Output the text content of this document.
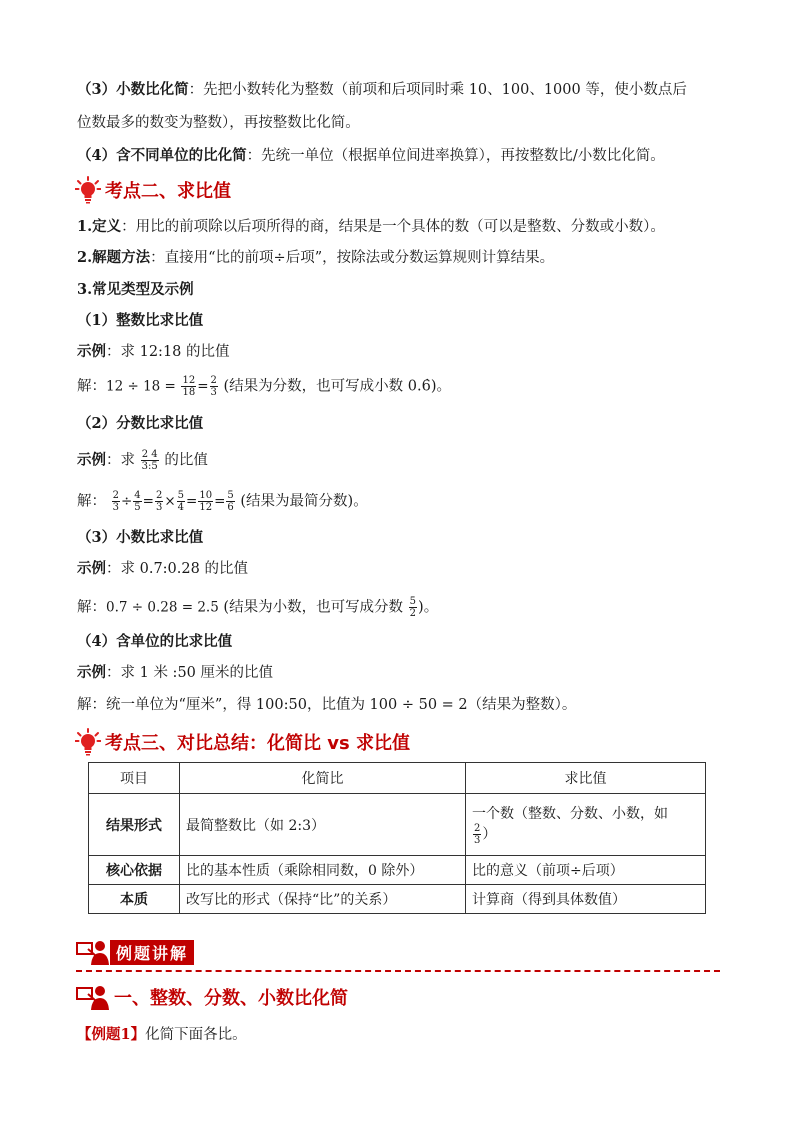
（3）小数比化简：先把小数转化为整数（前项和后项同时乘 10、100、1000 等，使小数点后
位数最多的数变为整数），再按整数比化简。
（4）含不同单位的比化简：先统一单位（根据单位间进率换算），再按整数比/小数比化简。
考点二、求比值
1.定义：用比的前项除以后项所得的商，结果是一个具体的数（可以是整数、分数或小数）。
2.解题方法：直接用“比的前项÷后项”，按除法或分数运算规则计算结果。
3.常见类型及示例
（1）整数比求比值
示例：求 12:18 的比值
解：$12 \div 18 = \frac{12}{18} = \frac{2}{3}$ (结果为分数，也可写成小数 0.6̇)。
（2）分数比求比值
示例：求 $\frac{2 4}{3:5}$ 的比值
解： $\frac{2}{3} \div \frac{4}{5} = \frac{2}{3} \times \frac{5}{4} = \frac{10}{12} = \frac{5}{6}$ (结果为最简分数)。
（3）小数比求比值
示例：求 0.7:0.28 的比值
解：0.7 ÷ 0.28 = 2.5 (结果为小数，也可写成分数 $\frac{5}{2}$ )。
（4）含单位的比求比值
示例：求 1 米 :50 厘米的比值
解：统一单位为“厘米”，得 100:50，比值为 100 ÷ 50 = 2（结果为整数）。
考点三、对比总结：化简比 vs 求比值
项目	化简比	求比值
结果形式	最简整数比（如 2:3）	一个数（整数、分数、小数，如

$\frac{2}{3}$ ）
核心依据	比的基本性质（乘除相同数，0 除外）	比的意义（前项÷后项）
本质	改写比的形式（保持“比”的关系）	计算商（得到具体数值）
例题讲解
一、整数、分数、小数比化简
【例题1】化简下面各比。
